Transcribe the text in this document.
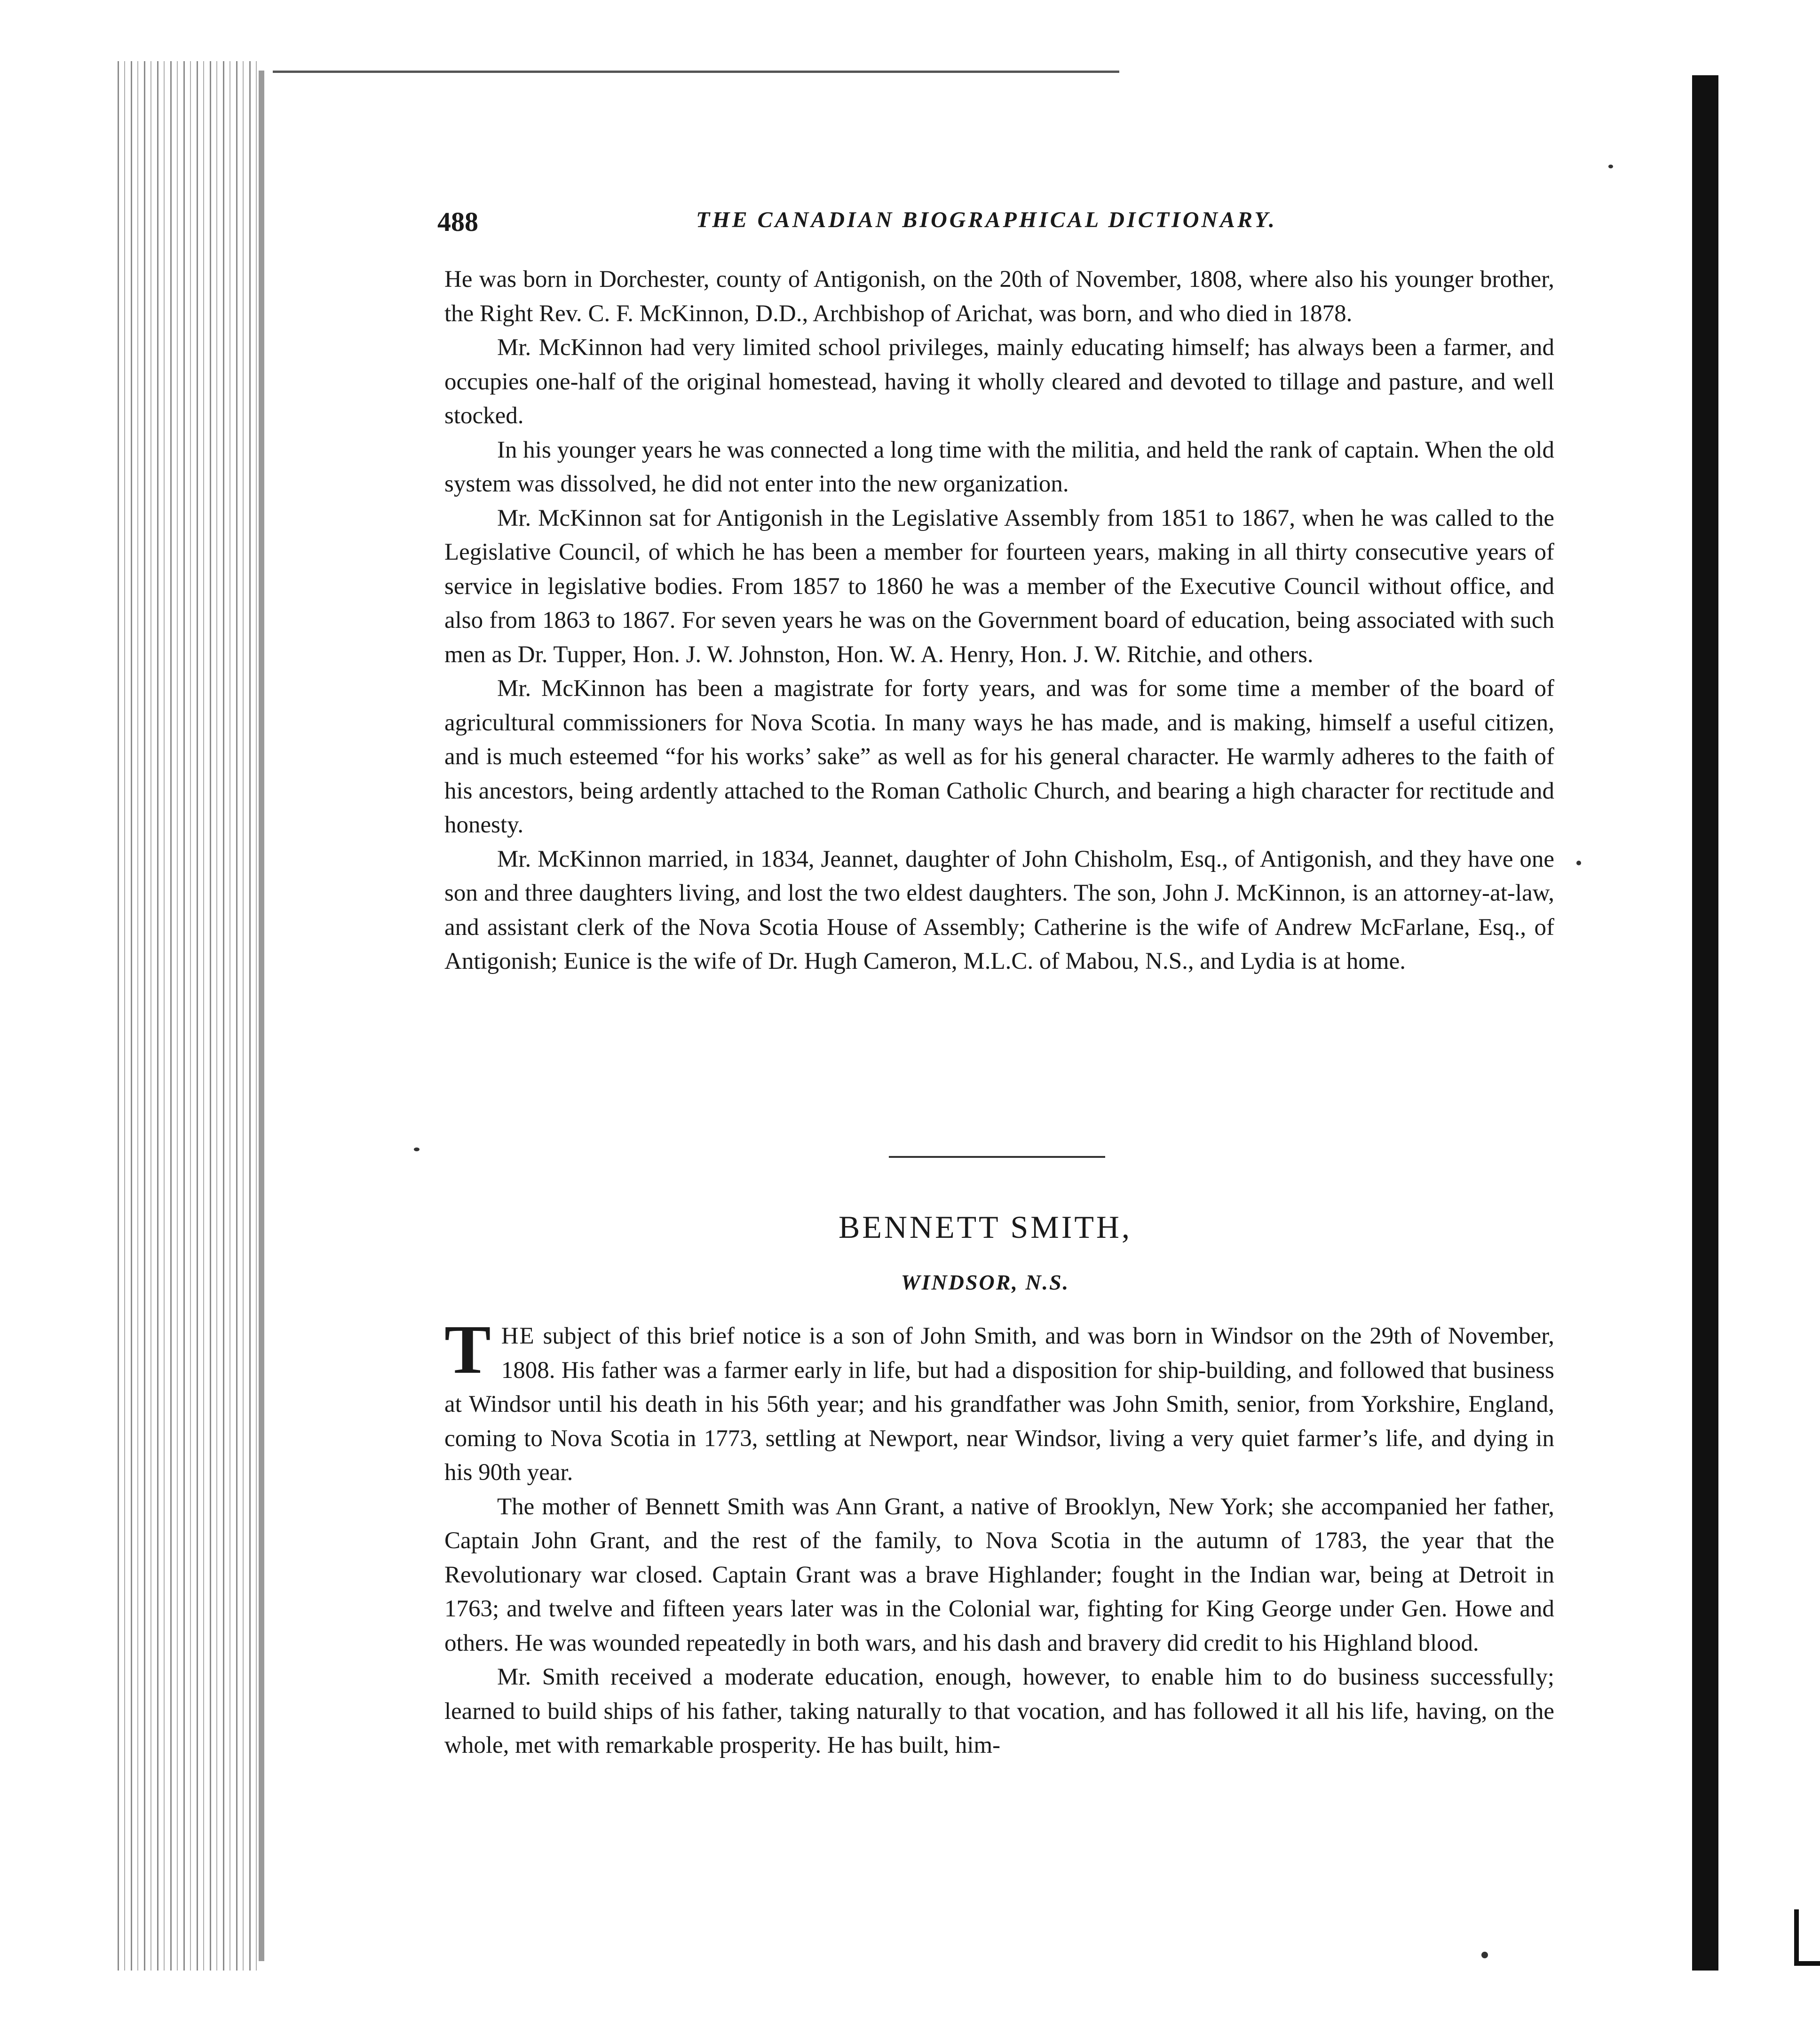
488	THE CANADIAN BIOGRAPHICAL DICTIONARY.

He was born in Dorchester, county of Antigonish, on the 20th of November, 1808, where also his younger brother, the Right Rev. C. F. McKinnon, D.D., Archbishop of Arichat, was born, and who died in 1878.

Mr. McKinnon had very limited school privileges, mainly educating himself; has always been a farmer, and occupies one-half of the original homestead, having it wholly cleared and devoted to tillage and pasture, and well stocked.

In his younger years he was connected a long time with the militia, and held the rank of captain. When the old system was dissolved, he did not enter into the new organization.

Mr. McKinnon sat for Antigonish in the Legislative Assembly from 1851 to 1867, when he was called to the Legislative Council, of which he has been a member for fourteen years, making in all thirty consecutive years of service in legislative bodies. From 1857 to 1860 he was a member of the Executive Council without office, and also from 1863 to 1867. For seven years he was on the Government board of education, being associated with such men as Dr. Tupper, Hon. J. W. Johnston, Hon. W. A. Henry, Hon. J. W. Ritchie, and others.

Mr. McKinnon has been a magistrate for forty years, and was for some time a member of the board of agricultural commissioners for Nova Scotia. In many ways he has made, and is making, himself a useful citizen, and is much esteemed “for his works’ sake” as well as for his general character. He warmly adheres to the faith of his ancestors, being ardently attached to the Roman Catholic Church, and bearing a high character for rectitude and honesty.

Mr. McKinnon married, in 1834, Jeannet, daughter of John Chisholm, Esq., of Antigonish, and they have one son and three daughters living, and lost the two eldest daughters. The son, John J. McKinnon, is an attorney-at-law, and assistant clerk of the Nova Scotia House of Assembly; Catherine is the wife of Andrew McFarlane, Esq., of Antigonish; Eunice is the wife of Dr. Hugh Cameron, M.L.C. of Mabou, N.S., and Lydia is at home.

BENNETT SMITH,
WINDSOR, N.S.

THE subject of this brief notice is a son of John Smith, and was born in Windsor on the 29th of November, 1808. His father was a farmer early in life, but had a disposition for ship-building, and followed that business at Windsor until his death in his 56th year; and his grandfather was John Smith, senior, from Yorkshire, England, coming to Nova Scotia in 1773, settling at Newport, near Windsor, living a very quiet farmer’s life, and dying in his 90th year.

The mother of Bennett Smith was Ann Grant, a native of Brooklyn, New York; she accompanied her father, Captain John Grant, and the rest of the family, to Nova Scotia in the autumn of 1783, the year that the Revolutionary war closed. Captain Grant was a brave Highlander; fought in the Indian war, being at Detroit in 1763; and twelve and fifteen years later was in the Colonial war, fighting for King George under Gen. Howe and others. He was wounded repeatedly in both wars, and his dash and bravery did credit to his Highland blood.

Mr. Smith received a moderate education, enough, however, to enable him to do business successfully; learned to build ships of his father, taking naturally to that vocation, and has followed it all his life, having, on the whole, met with remarkable prosperity. He has built, him-
